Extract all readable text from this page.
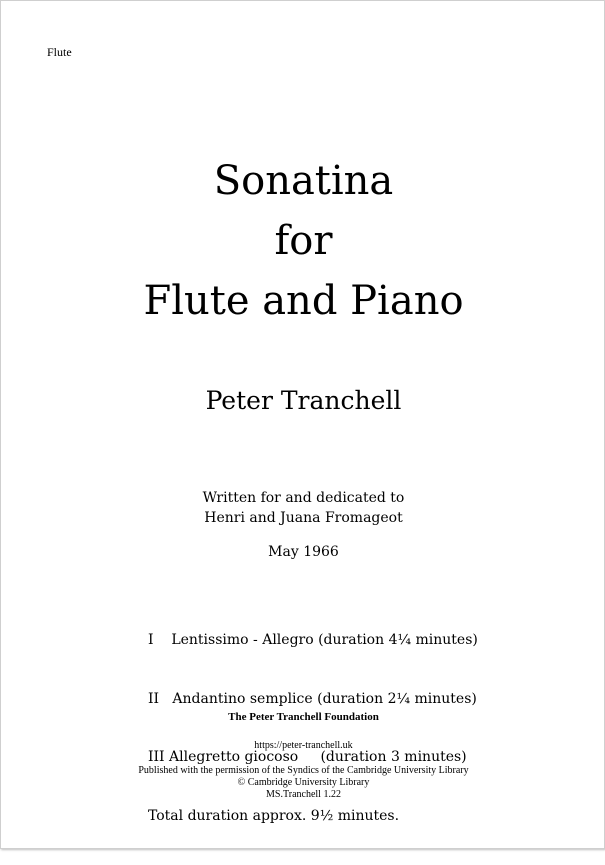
Flute
Sonatina
for
Flute and Piano
Peter Tranchell
Written for and dedicated to
Henri and Juana Fromageot
May 1966

I    Lentissimo - Allegro (duration 4¼ minutes)

II   Andantino semplice (duration 2¼ minutes)

III Allegretto giocoso     (duration 3 minutes)

Total duration approx. 9½ minutes.

The Peter Tranchell Foundation
https://peter-tranchell.uk
Published with the permission of the Syndics of the Cambridge University Library
© Cambridge University Library
MS.Tranchell 1.22
